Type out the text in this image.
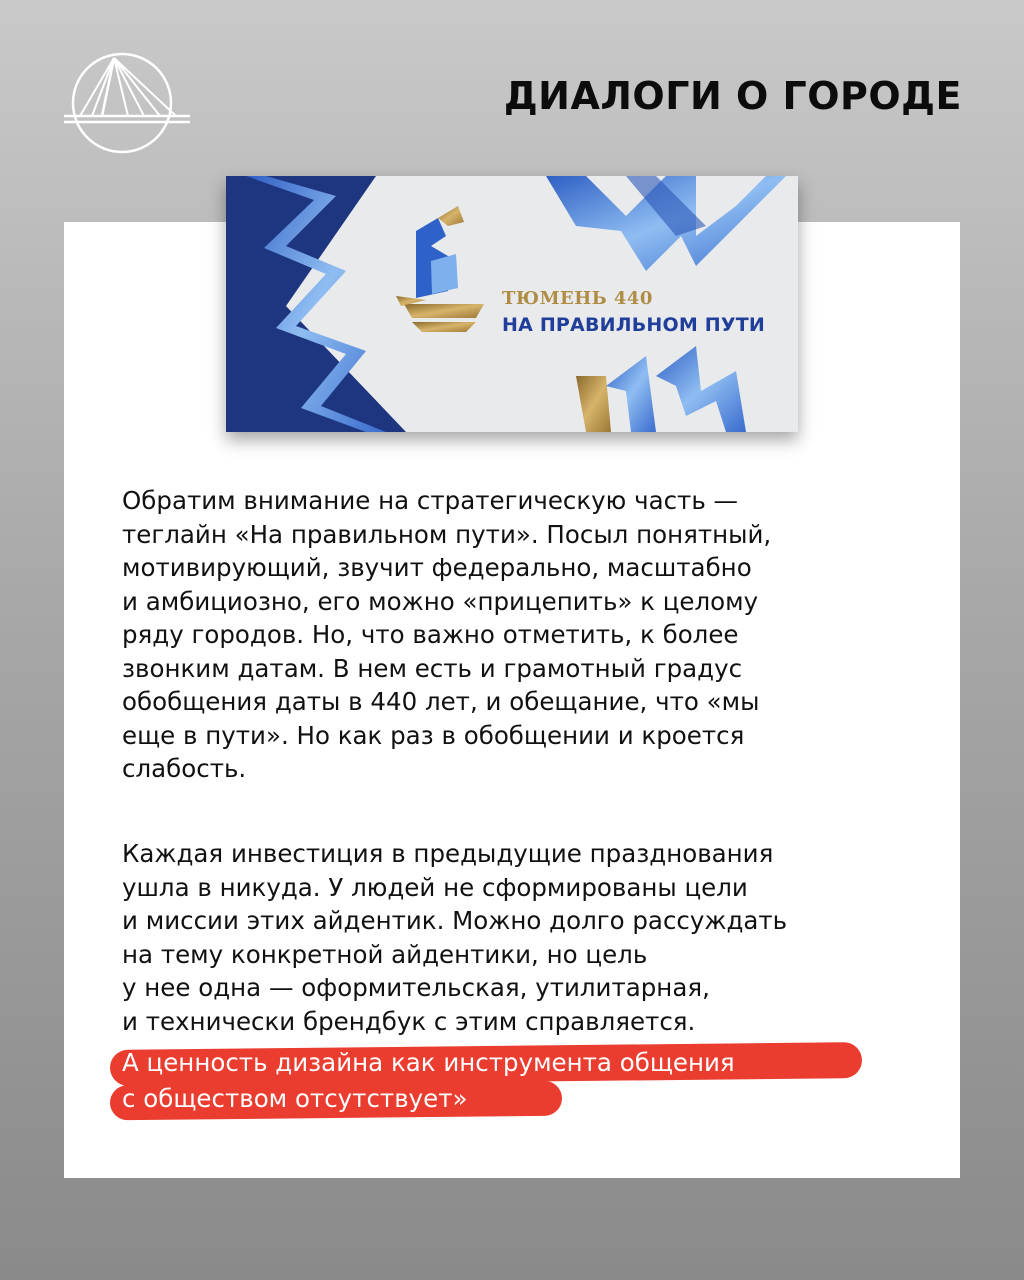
ДИАЛОГИ О ГОРОДЕ
ТЮМЕНЬ 440
НА ПРАВИЛЬНОМ ПУТИ
Обратим внимание на стратегическую часть —
теглайн «На правильном пути». Посыл понятный,
мотивирующий, звучит федерально, масштабно
и амбициозно, его можно «прицепить» к целому
ряду городов. Но, что важно отметить, к более
звонким датам. В нем есть и грамотный градус
обобщения даты в 440 лет, и обещание, что «мы
еще в пути». Но как раз в обобщении и кроется
слабость.
Каждая инвестиция в предыдущие празднования
ушла в никуда. У людей не сформированы цели
и миссии этих айдентик. Можно долго рассуждать
на тему конкретной айдентики, но цель
у нее одна — оформительская, утилитарная,
и технически брендбук с этим справляется.
А ценность дизайна как инструмента общения
с обществом отсутствует»
